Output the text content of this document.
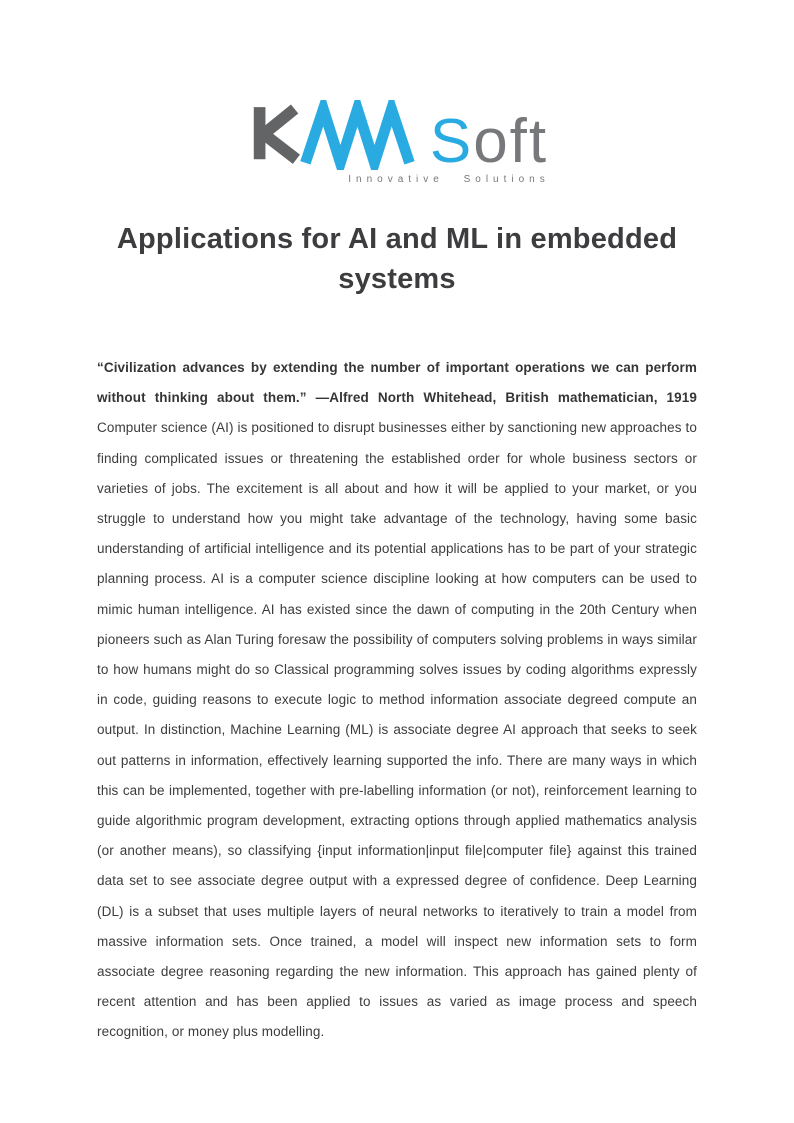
Soft
Innovative Solutions
Applications for AI and ML in embedded systems

“Civilization advances by extending the number of important operations we can perform without thinking about them.” —Alfred North Whitehead, British mathematician, 1919 Computer science (AI) is positioned to disrupt businesses either by sanctioning new approaches to finding complicated issues or threatening the established order for whole business sectors or varieties of jobs. The excitement is all about and how it will be applied to your market, or you struggle to understand how you might take advantage of the technology, having some basic understanding of artificial intelligence and its potential applications has to be part of your strategic planning process. AI is a computer science discipline looking at how computers can be used to mimic human intelligence. AI has existed since the dawn of computing in the 20th Century when pioneers such as Alan Turing foresaw the possibility of computers solving problems in ways similar to how humans might do so Classical programming solves issues by coding algorithms expressly in code, guiding reasons to execute logic to method information associate degreed compute an output. In distinction, Machine Learning (ML) is associate degree AI approach that seeks to seek out patterns in information, effectively learning supported the info. There are many ways in which this can be implemented, together with pre-labelling information (or not), reinforcement learning to guide algorithmic program development, extracting options through applied mathematics analysis (or another means), so classifying {input information|input file|computer file} against this trained data set to see associate degree output with a expressed degree of confidence. Deep Learning (DL) is a subset that uses multiple layers of neural networks to iteratively to train a model from massive information sets. Once trained, a model will inspect new information sets to form associate degree reasoning regarding the new information. This approach has gained plenty of recent attention and has been applied to issues as varied as image process and speech recognition, or money plus modelling.
